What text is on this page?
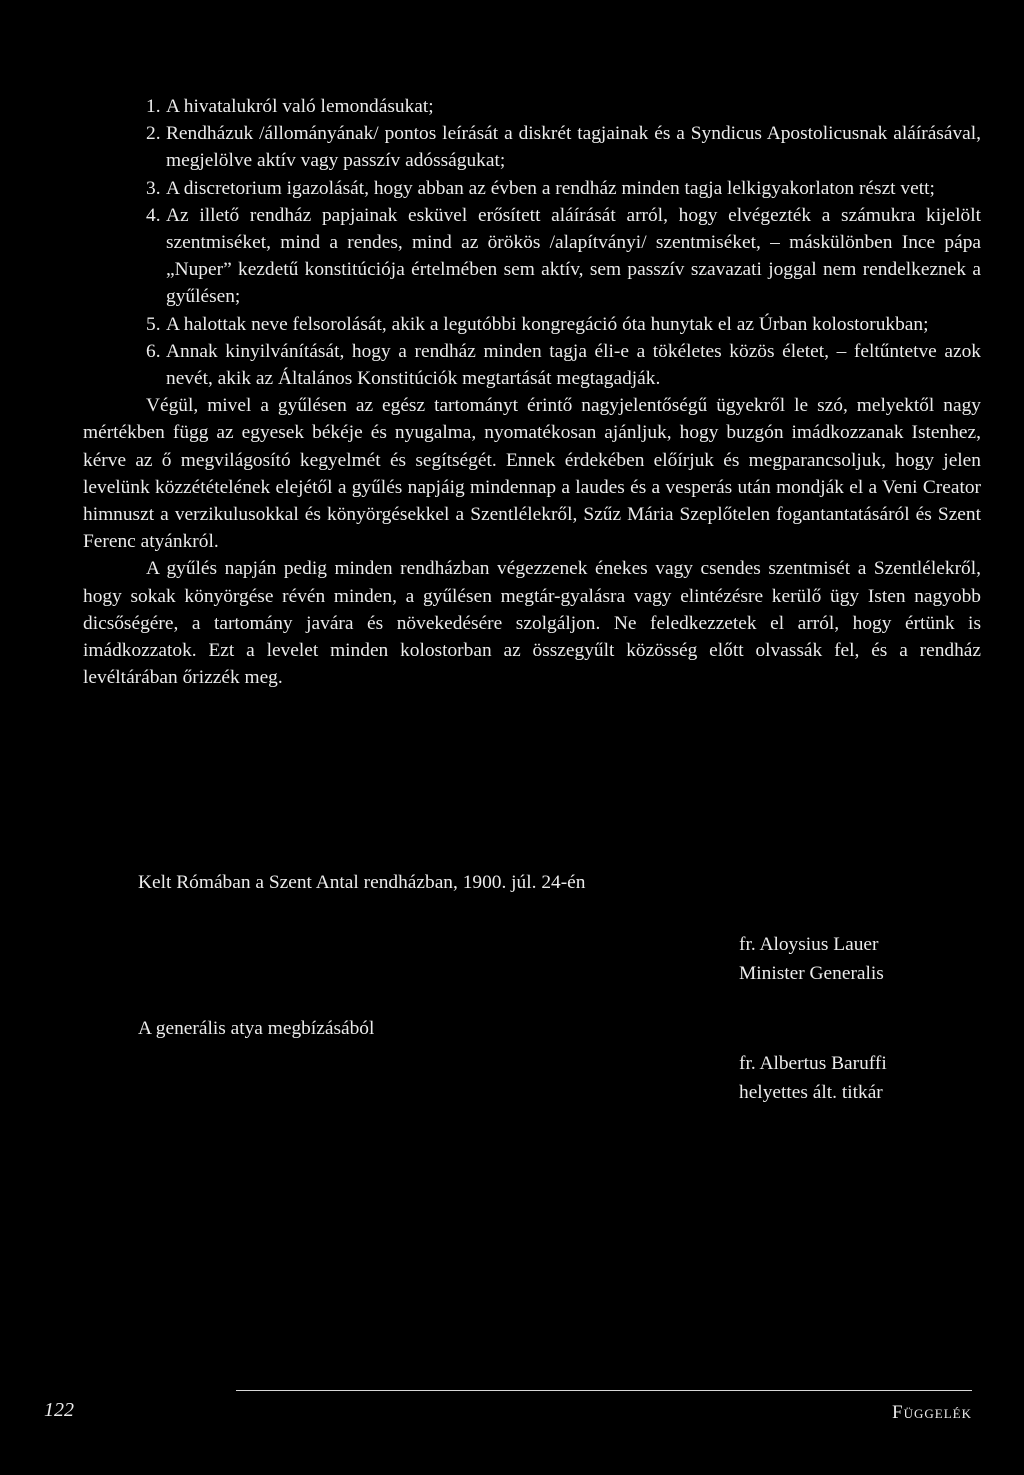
1. A hivatalukról való lemondásukat;
2. Rendházuk /állományának/ pontos leírását a diskrét tagjainak és a Syndicus Apostolicusnak aláírásával, megjelölve aktív vagy passzív adósságukat;
3. A discretorium igazolását, hogy abban az évben a rendház minden tagja lelkigyakorlaton részt vett;
4. Az illető rendház papjainak esküvel erősített aláírását arról, hogy elvégezték a számukra kijelölt szentmiséket, mind a rendes, mind az örökös /alapítványi/ szentmiséket, – máskülönben Ince pápa „Nuper” kezdetű konstitúciója értelmében sem aktív, sem passzív szavazati joggal nem rendelkeznek a gyűlésen;
5. A halottak neve felsorolását, akik a legutóbbi kongregáció óta hunytak el az Úrban kolostorukban;
6. Annak kinyilvánítását, hogy a rendház minden tagja éli-e a tökéletes közös életet, – feltűntetve azok nevét, akik az Általános Konstitúciók megtartását megtagadják.

Végül, mivel a gyűlésen az egész tartományt érintő nagyjelentőségű ügyekről le szó, melyektől nagy mértékben függ az egyesek békéje és nyugalma, nyomatékosan ajánljuk, hogy buzgón imádkozzanak Istenhez, kérve az ő megvilágosító kegyelmét és segítségét. Ennek érdekében előírjuk és megparancsoljuk, hogy jelen levelünk közzétételének elejétől a gyűlés napjáig mindennap a laudes és a vesperás után mondják el a Veni Creator himnuszt a verzikulusokkal és könyörgésekkel a Szentlélekről, Szűz Mária Szeplőtelen fogantantatásáról és Szent Ferenc atyánkról.

A gyűlés napján pedig minden rendházban végezzenek énekes vagy csendes szentmisét a Szentlélekről, hogy sokak könyörgése révén minden, a gyűlésen megtár-gyalásra vagy elintézésre kerülő ügy Isten nagyobb dicsőségére, a tartomány javára és növekedésére szolgáljon. Ne feledkezzetek el arról, hogy értünk is imádkozzatok. Ezt a levelet minden kolostorban az összegyűlt közösség előtt olvassák fel, és a rendház levéltárában őrizzék meg.

Kelt Rómában a Szent Antal rendházban, 1900. júl. 24-én
fr. Aloysius Lauer
Minister Generalis
A generális atya megbízásából
fr. Albertus Baruffi
helyettes ált. titkár
122	Függelék
